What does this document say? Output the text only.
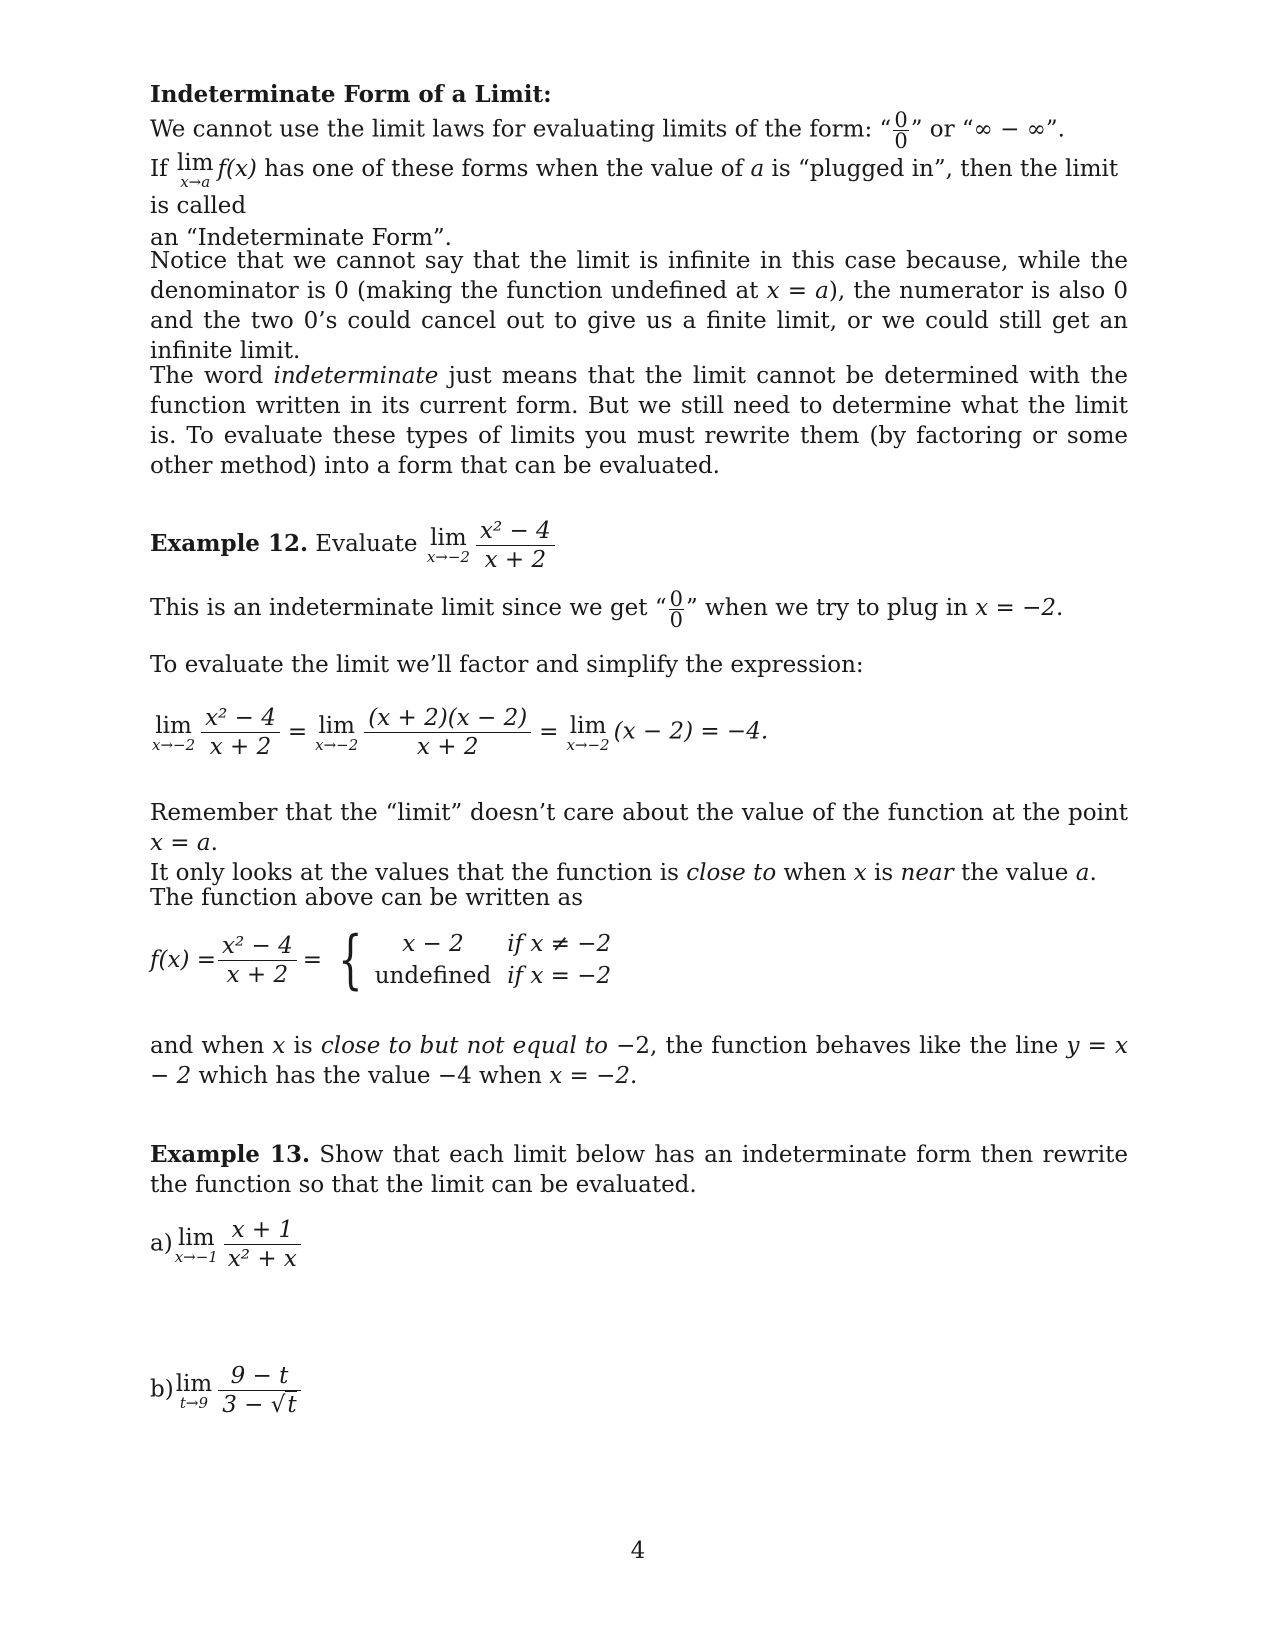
Indeterminate Form of a Limit:
We cannot use the limit laws for evaluating limits of the form: “ $\frac{0}{0}$ ” or “∞ − ∞”.
If lim
x→a f(x) has one of these forms when the value of a is “plugged in”, then the limit is called
an “Indeterminate Form”.
Notice that we cannot say that the limit is infinite in this case because, while the denominator is 0 (making the function undefined at x = a), the numerator is also 0 and the two 0’s could cancel out to give us a finite limit, or we could still get an infinite limit.
The word indeterminate just means that the limit cannot be determined with the function written in its current form. But we still need to determine what the limit is. To evaluate these types of limits you must rewrite them (by factoring or some other method) into a form that can be evaluated.
Example 12. Evaluate lim
$x\to-2 \frac{\text{x² − 4}}{x + 2}$
This is an indeterminate limit since we get “ $\frac{0}{0}$ ” when we try to plug in x = −2.
To evaluate the limit we’ll factor and simplify the expression:
lim
$x\to-2 \frac{\text{x² − 4}}{x + 2} = \lim$
$x\to-2 \frac{(x + 2)(x - 2)}{x + 2} = \lim$
x→−2 (x − 2) = −4.
Remember that the “limit” doesn’t care about the value of the function at the point x = a.
It only looks at the values that the function is close to when x is near the value a.
The function above can be written as
$f(x) = \frac{\text{x² − 4}}{x + 2}$ = {	x − 2	if x ≠ −2
undefined if x = −2
and when x is close to but not equal to −2, the function behaves like the line y = x − 2 which has the value −4 when x = −2.
Example 13. Show that each limit below has an indeterminate form then rewrite the function so that the limit can be evaluated.
a) lim
$x\to-1 \frac{x + 1}{\text{x² + x}}$
b) lim
$t\to 9 \frac{9 - t}{3 - √t}$
4
